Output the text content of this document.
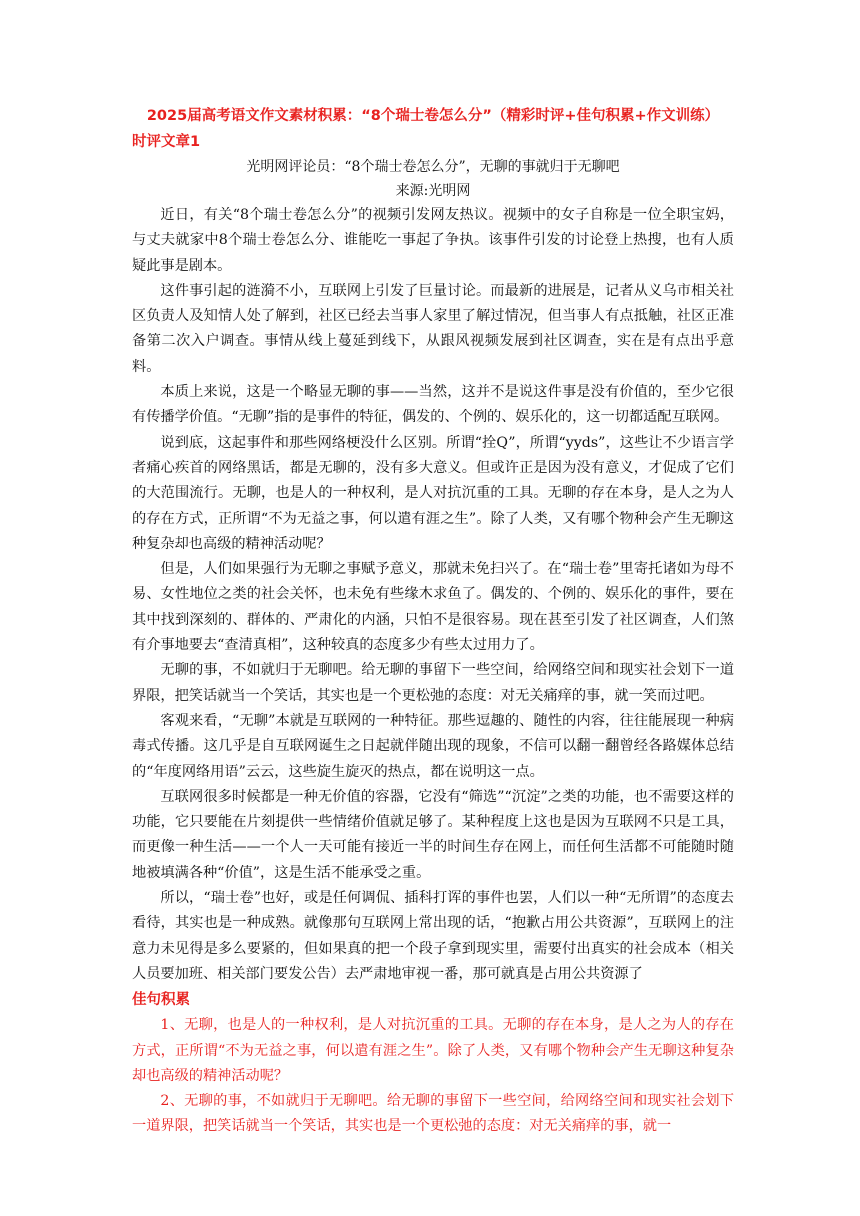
2025届高考语文作文素材积累：“8个瑞士卷怎么分”（精彩时评+佳句积累+作文训练）

时评文章1

光明网评论员：“8个瑞士卷怎么分”，无聊的事就归于无聊吧

来源:光明网

近日，有关“8个瑞士卷怎么分”的视频引发网友热议。视频中的女子自称是一位全职宝妈，与丈夫就家中8个瑞士卷怎么分、谁能吃一事起了争执。该事件引发的讨论登上热搜，也有人质疑此事是剧本。

这件事引起的涟漪不小，互联网上引发了巨量讨论。而最新的进展是，记者从义乌市相关社区负责人及知情人处了解到，社区已经去当事人家里了解过情况，但当事人有点抵触，社区正准备第二次入户调查。事情从线上蔓延到线下，从跟风视频发展到社区调查，实在是有点出乎意料。

本质上来说，这是一个略显无聊的事——当然，这并不是说这件事是没有价值的，至少它很有传播学价值。“无聊”指的是事件的特征，偶发的、个例的、娱乐化的，这一切都适配互联网。

说到底，这起事件和那些网络梗没什么区别。所谓“拴Q”，所谓“yyds”，这些让不少语言学者痛心疾首的网络黑话，都是无聊的，没有多大意义。但或许正是因为没有意义，才促成了它们的大范围流行。无聊，也是人的一种权利，是人对抗沉重的工具。无聊的存在本身，是人之为人的存在方式，正所谓“不为无益之事，何以遣有涯之生”。除了人类，又有哪个物种会产生无聊这种复杂却也高级的精神活动呢？

但是，人们如果强行为无聊之事赋予意义，那就未免扫兴了。在“瑞士卷”里寄托诸如为母不易、女性地位之类的社会关怀，也未免有些缘木求鱼了。偶发的、个例的、娱乐化的事件，要在其中找到深刻的、群体的、严肃化的内涵，只怕不是很容易。现在甚至引发了社区调查，人们煞有介事地要去“查清真相”，这种较真的态度多少有些太过用力了。

无聊的事，不如就归于无聊吧。给无聊的事留下一些空间，给网络空间和现实社会划下一道界限，把笑话就当一个笑话，其实也是一个更松弛的态度：对无关痛痒的事，就一笑而过吧。

客观来看，“无聊”本就是互联网的一种特征。那些逗趣的、随性的内容，往往能展现一种病毒式传播。这几乎是自互联网诞生之日起就伴随出现的现象，不信可以翻一翻曾经各路媒体总结的“年度网络用语”云云，这些旋生旋灭的热点，都在说明这一点。

互联网很多时候都是一种无价值的容器，它没有“筛选”“沉淀”之类的功能，也不需要这样的功能，它只要能在片刻提供一些情绪价值就足够了。某种程度上这也是因为互联网不只是工具，而更像一种生活——一个人一天可能有接近一半的时间生存在网上，而任何生活都不可能随时随地被填满各种“价值”，这是生活不能承受之重。

所以，“瑞士卷”也好，或是任何调侃、插科打诨的事件也罢，人们以一种“无所谓”的态度去看待，其实也是一种成熟。就像那句互联网上常出现的话，“抱歉占用公共资源”，互联网上的注意力未见得是多么要紧的，但如果真的把一个段子拿到现实里，需要付出真实的社会成本（相关人员要加班、相关部门要发公告）去严肃地审视一番，那可就真是占用公共资源了

佳句积累

1、无聊，也是人的一种权利，是人对抗沉重的工具。无聊的存在本身，是人之为人的存在方式，正所谓“不为无益之事，何以遣有涯之生”。除了人类，又有哪个物种会产生无聊这种复杂却也高级的精神活动呢？

2、无聊的事，不如就归于无聊吧。给无聊的事留下一些空间，给网络空间和现实社会划下一道界限，把笑话就当一个笑话，其实也是一个更松弛的态度：对无关痛痒的事，就一
